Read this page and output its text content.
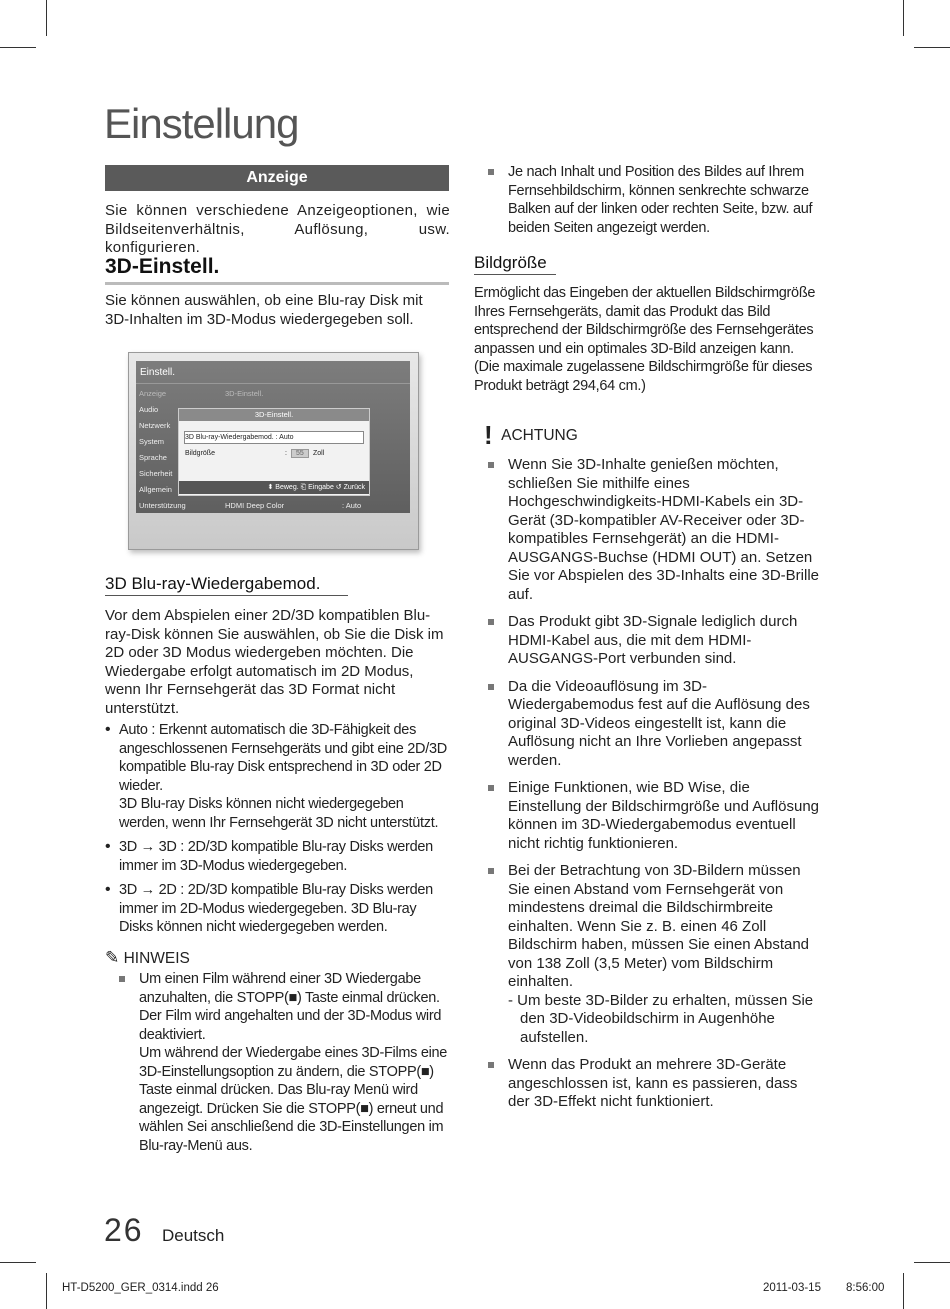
Einstellung
Anzeige

Sie können verschiedene Anzeigeoptionen, wie Bildseitenverhältnis, Auflösung, usw. konfigurieren.

3D-Einstell.

Sie können auswählen, ob eine Blu-ray Disk mit 3D-Inhalten im 3D-Modus wiedergegeben soll.

Einstell.
Anzeige
Audio
Netzwerk
System
Sprache
Sicherheit
Allgemein
3D-Einstell.
3D-Einstell.
3D Blu-ray-Wiedergabemod. : Auto
Bildgröße	:	55	Zoll
⬍ Beweg. ⎗ Eingabe ↺ Zurück
Unterstützung	HDMI Deep Color	: Auto
3D Blu-ray-Wiedergabemod.

Vor dem Abspielen einer 2D/3D kompatiblen Blu-ray-Disk können Sie auswählen, ob Sie die Disk im 2D oder 3D Modus wiedergeben möchten. Die Wiedergabe erfolgt automatisch im 2D Modus, wenn Ihr Fernsehgerät das 3D Format nicht unterstützt.

• Auto : Erkennt automatisch die 3D-Fähigkeit des angeschlossenen Fernsehgeräts und gibt eine 2D/3D kompatible Blu-ray Disk entsprechend in 3D oder 2D wieder.
3D Blu-ray Disks können nicht wiedergegeben werden, wenn Ihr Fernsehgerät 3D nicht unterstützt.
• 3D → 3D : 2D/3D kompatible Blu-ray Disks werden immer im 3D-Modus wiedergegeben.
• 3D → 2D : 2D/3D kompatible Blu-ray Disks werden immer im 2D-Modus wiedergegeben. 3D Blu-ray Disks können nicht wiedergegeben werden.
✎ HINWEIS
Um einen Film während einer 3D Wiedergabe anzuhalten, die STOPP(■) Taste einmal drücken. Der Film wird angehalten und der 3D-Modus wird deaktiviert.
Um während der Wiedergabe eines 3D-Films eine 3D-Einstellungsoption zu ändern, die STOPP(■) Taste einmal drücken. Das Blu-ray Menü wird angezeigt. Drücken Sie die STOPP(■) erneut und wählen Sei anschließend die 3D-Einstellungen im Blu-ray-Menü aus.
26 Deutsch
Je nach Inhalt und Position des Bildes auf Ihrem Fernsehbildschirm, können senkrechte schwarze Balken auf der linken oder rechten Seite, bzw. auf beiden Seiten angezeigt werden.
Bildgröße

Ermöglicht das Eingeben der aktuellen Bildschirmgröße Ihres Fernsehgeräts, damit das Produkt das Bild entsprechend der Bildschirmgröße des Fernsehgerätes anpassen und ein optimales 3D-Bild anzeigen kann.

(Die maximale zugelassene Bildschirmgröße für dieses Produkt beträgt 294,64 cm.)

! ACHTUNG
Wenn Sie 3D-Inhalte genießen möchten, schließen Sie mithilfe eines Hochgeschwindigkeits-HDMI-Kabels ein 3D-Gerät (3D-kompatibler AV-Receiver oder 3D-kompatibles Fernsehgerät) an die HDMI-AUSGANGS-Buchse (HDMI OUT) an. Setzen Sie vor Abspielen des 3D-Inhalts eine 3D-Brille auf.
Das Produkt gibt 3D-Signale lediglich durch HDMI-Kabel aus, die mit dem HDMI-AUSGANGS-Port verbunden sind.
Da die Videoauflösung im 3D-Wiedergabemodus fest auf die Auflösung des original 3D-Videos eingestellt ist, kann die Auflösung nicht an Ihre Vorlieben angepasst werden.
Einige Funktionen, wie BD Wise, die Einstellung der Bildschirmgröße und Auflösung können im 3D-Wiedergabemodus eventuell nicht richtig funktionieren.
Bei der Betrachtung von 3D-Bildern müssen Sie einen Abstand vom Fernsehgerät von mindestens dreimal die Bildschirmbreite einhalten. Wenn Sie z. B. einen 46 Zoll Bildschirm haben, müssen Sie einen Abstand von 138 Zoll (3,5 Meter) vom Bildschirm einhalten.

- Um beste 3D-Bilder zu erhalten, müssen Sie den 3D-Videobildschirm in Augenhöhe aufstellen.
Wenn das Produkt an mehrere 3D-Geräte angeschlossen ist, kann es passieren, dass der 3D-Effekt nicht funktioniert.
HT-D5200_GER_0314.indd 26	2011-03-15 8:56:00
